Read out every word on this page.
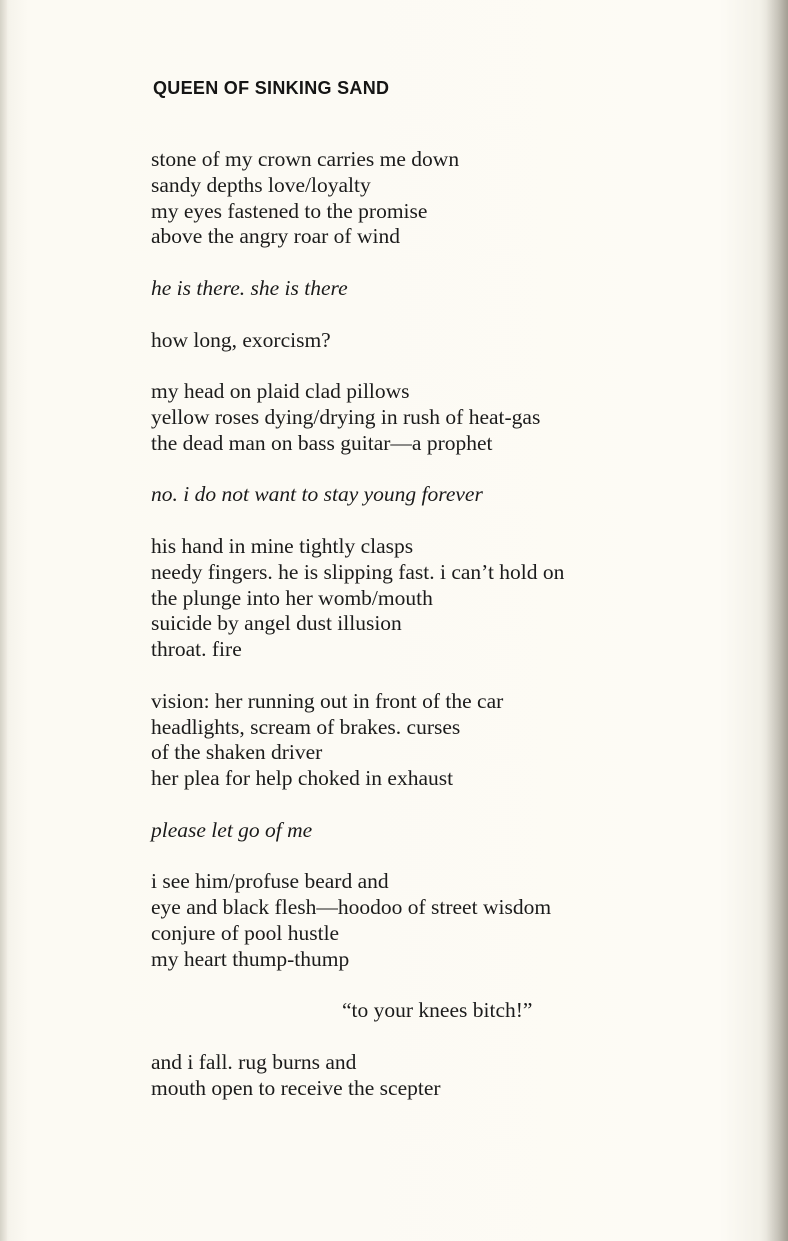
QUEEN OF SINKING SAND
stone of my crown carries me down
sandy depths love/loyalty
my eyes fastened to the promise
above the angry roar of wind
he is there. she is there
how long, exorcism?
my head on plaid clad pillows
yellow roses dying/drying in rush of heat-gas
the dead man on bass guitar—a prophet
no. i do not want to stay young forever
his hand in mine tightly clasps
needy fingers. he is slipping fast. i can’t hold on
the plunge into her womb/mouth
suicide by angel dust illusion
throat. fire
vision: her running out in front of the car
headlights, scream of brakes. curses
of the shaken driver
her plea for help choked in exhaust
please let go of me
i see him/profuse beard and
eye and black flesh—hoodoo of street wisdom
conjure of pool hustle
my heart thump-thump
“to your knees bitch!”
and i fall. rug burns and
mouth open to receive the scepter
